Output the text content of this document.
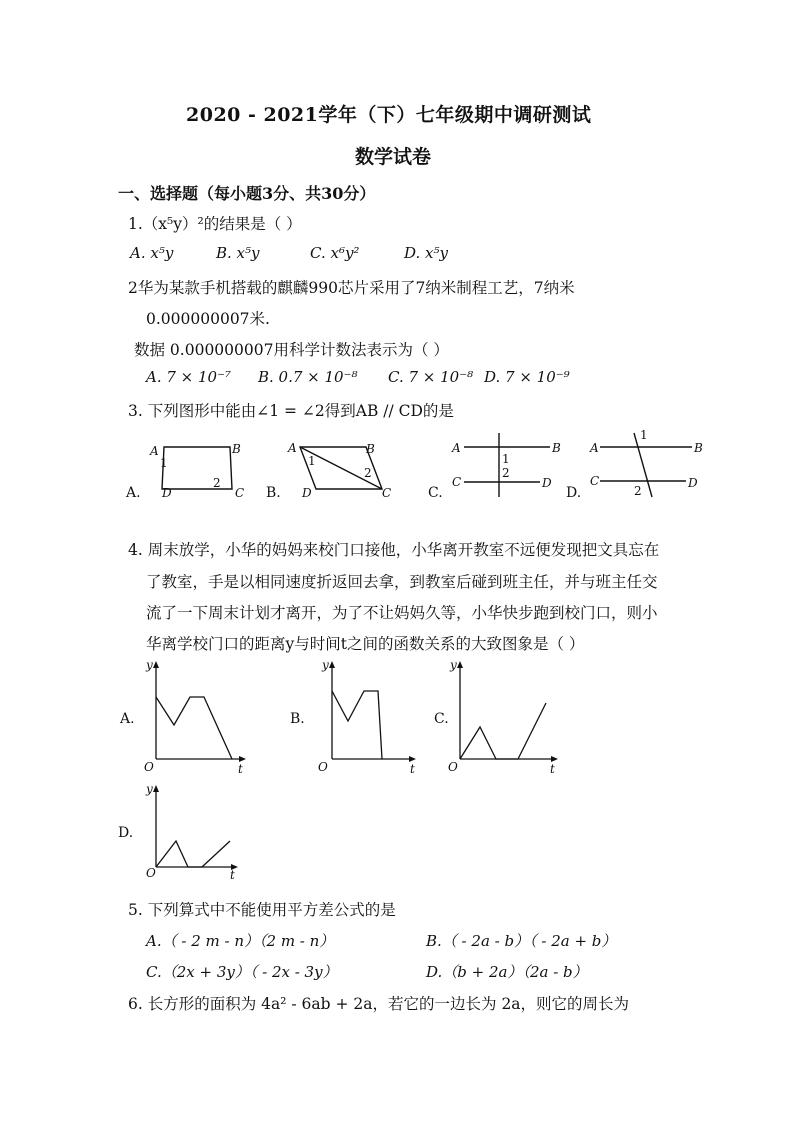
2020 - 2021学年（下）七年级期中调研测试
数学试卷
一、选择题（每小题3分、共30分）
1.（x⁵y）²的结果是（ ）
A. x⁵y	B. x⁵y	C. x⁶y²	D. x⁵y
2华为某款手机搭载的麒麟990芯片采用了7纳米制程工艺，7纳米
0.000000007米.
数据 0.000000007用科学计数法表示为（ ）
A. 7 × 10⁻⁷ B. 0.7 × 10⁻⁸ C. 7 × 10⁻⁸ D. 7 × 10⁻⁹
3. 下列图形中能由∠1 = ∠2得到AB // CD的是
A	B
C
D
1
2
A	B
C
D
1
2
A	B
C	D
1
2
A	B
C	D
1
2
A.	B.	C.	D.
4. 周末放学，小华的妈妈来校门口接他，小华离开教室不远便发现把文具忘在
了教室，手是以相同速度折返回去拿，到教室后碰到班主任，并与班主任交
流了一下周末计划才离开，为了不让妈妈久等，小华快步跑到校门口，则小
华离学校门口的距离y与时间t之间的函数关系的大致图象是（ ）
y
t
O
y
t
O
y
t
O
y
t
O
A.	B.	C.
D.
5. 下列算式中不能使用平方差公式的是
A.（ - 2 m - n）（2 m - n）	B.（ - 2a - b）（ - 2a + b）
C.（2x + 3y）（ - 2x - 3y）	D.（b + 2a）（2a - b）
6. 长方形的面积为 4a² - 6ab + 2a，若它的一边长为 2a，则它的周长为
